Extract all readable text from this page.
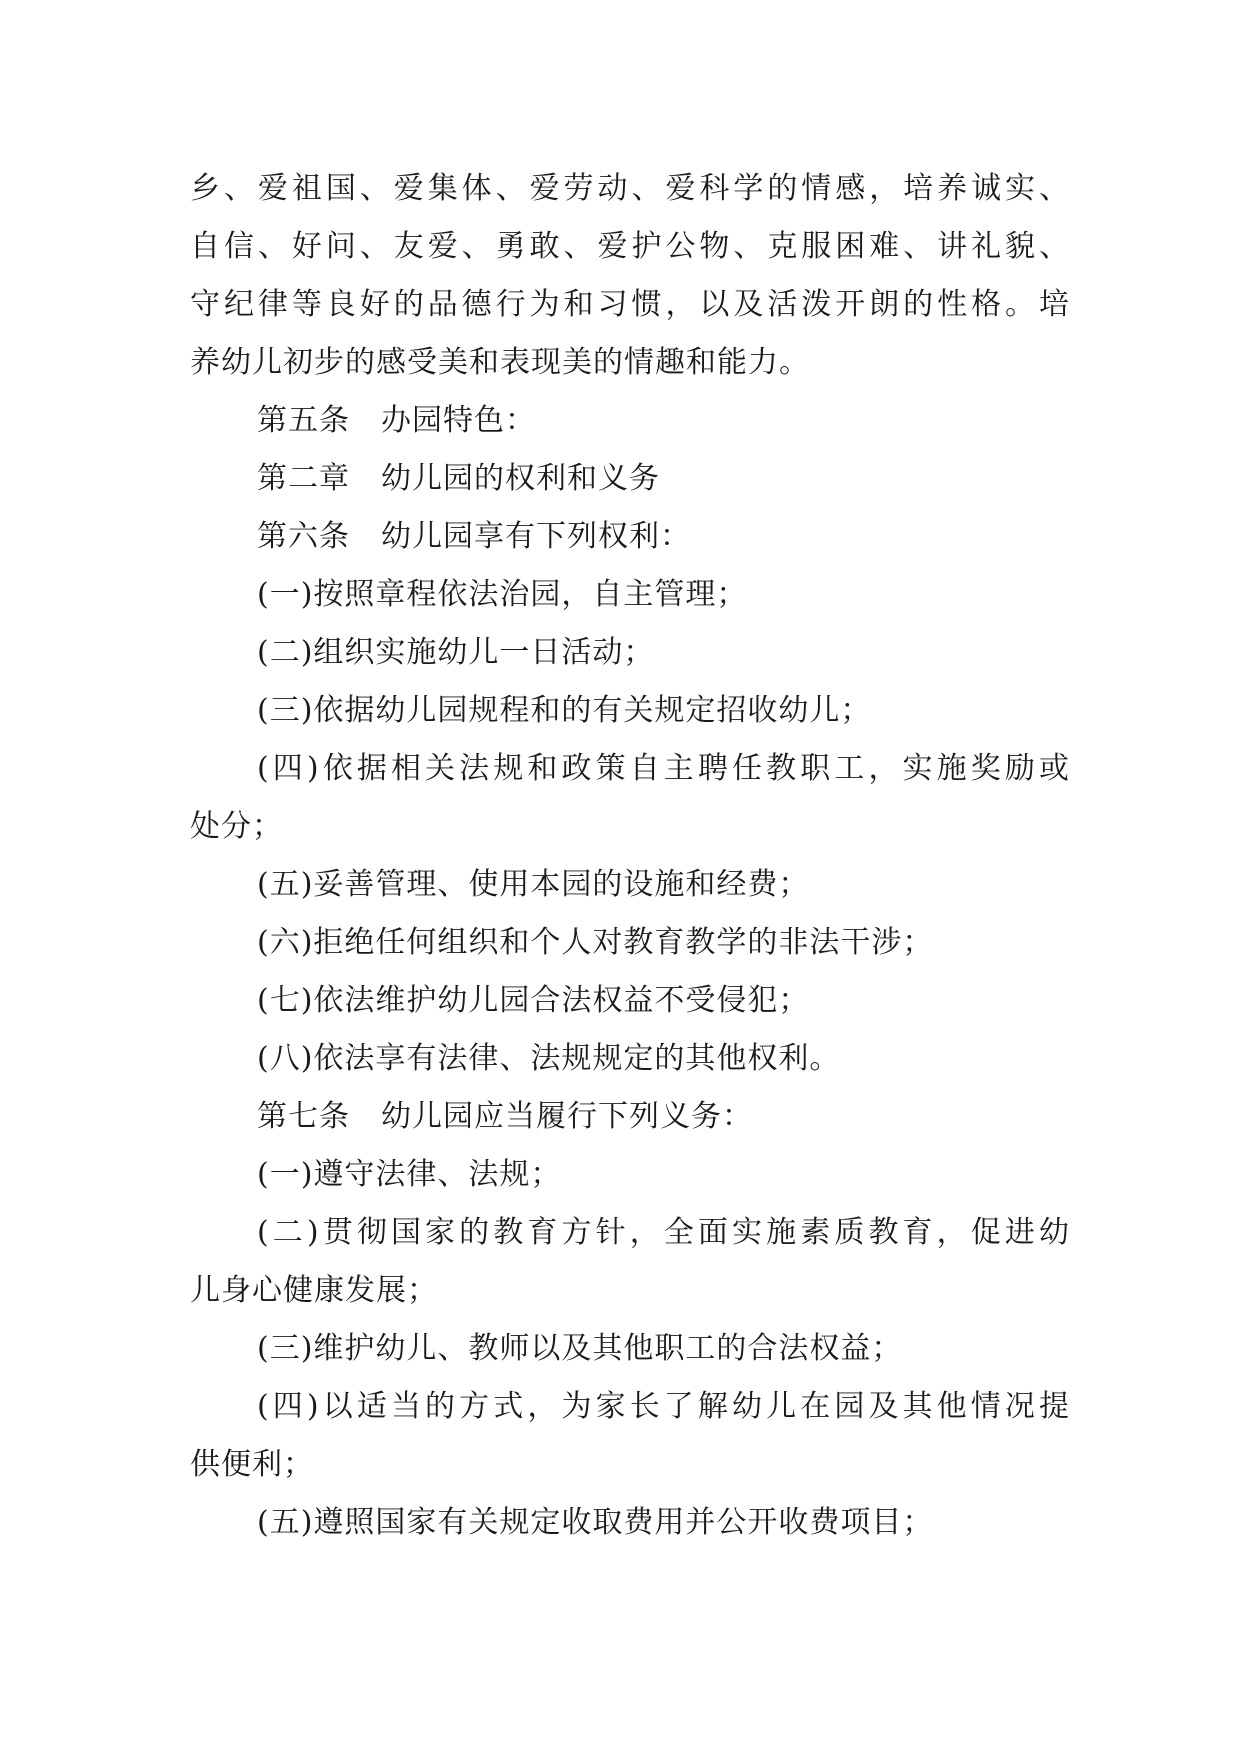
乡、爱祖国、爱集体、爱劳动、爱科学的情感，培养诚实、
自信、好问、友爱、勇敢、爱护公物、克服困难、讲礼貌、
守纪律等良好的品德行为和习惯，以及活泼开朗的性格。培
养幼儿初步的感受美和表现美的情趣和能力。
第五条　办园特色：
第二章　幼儿园的权利和义务
第六条　幼儿园享有下列权利：
(一)按照章程依法治园，自主管理；
(二)组织实施幼儿一日活动；
(三)依据幼儿园规程和的有关规定招收幼儿；
(四)依据相关法规和政策自主聘任教职工，实施奖励或
处分；
(五)妥善管理、使用本园的设施和经费；
(六)拒绝任何组织和个人对教育教学的非法干涉；
(七)依法维护幼儿园合法权益不受侵犯；
(八)依法享有法律、法规规定的其他权利。
第七条　幼儿园应当履行下列义务：
(一)遵守法律、法规；
(二)贯彻国家的教育方针，全面实施素质教育，促进幼
儿身心健康发展；
(三)维护幼儿、教师以及其他职工的合法权益；
(四)以适当的方式，为家长了解幼儿在园及其他情况提
供便利；
(五)遵照国家有关规定收取费用并公开收费项目；
